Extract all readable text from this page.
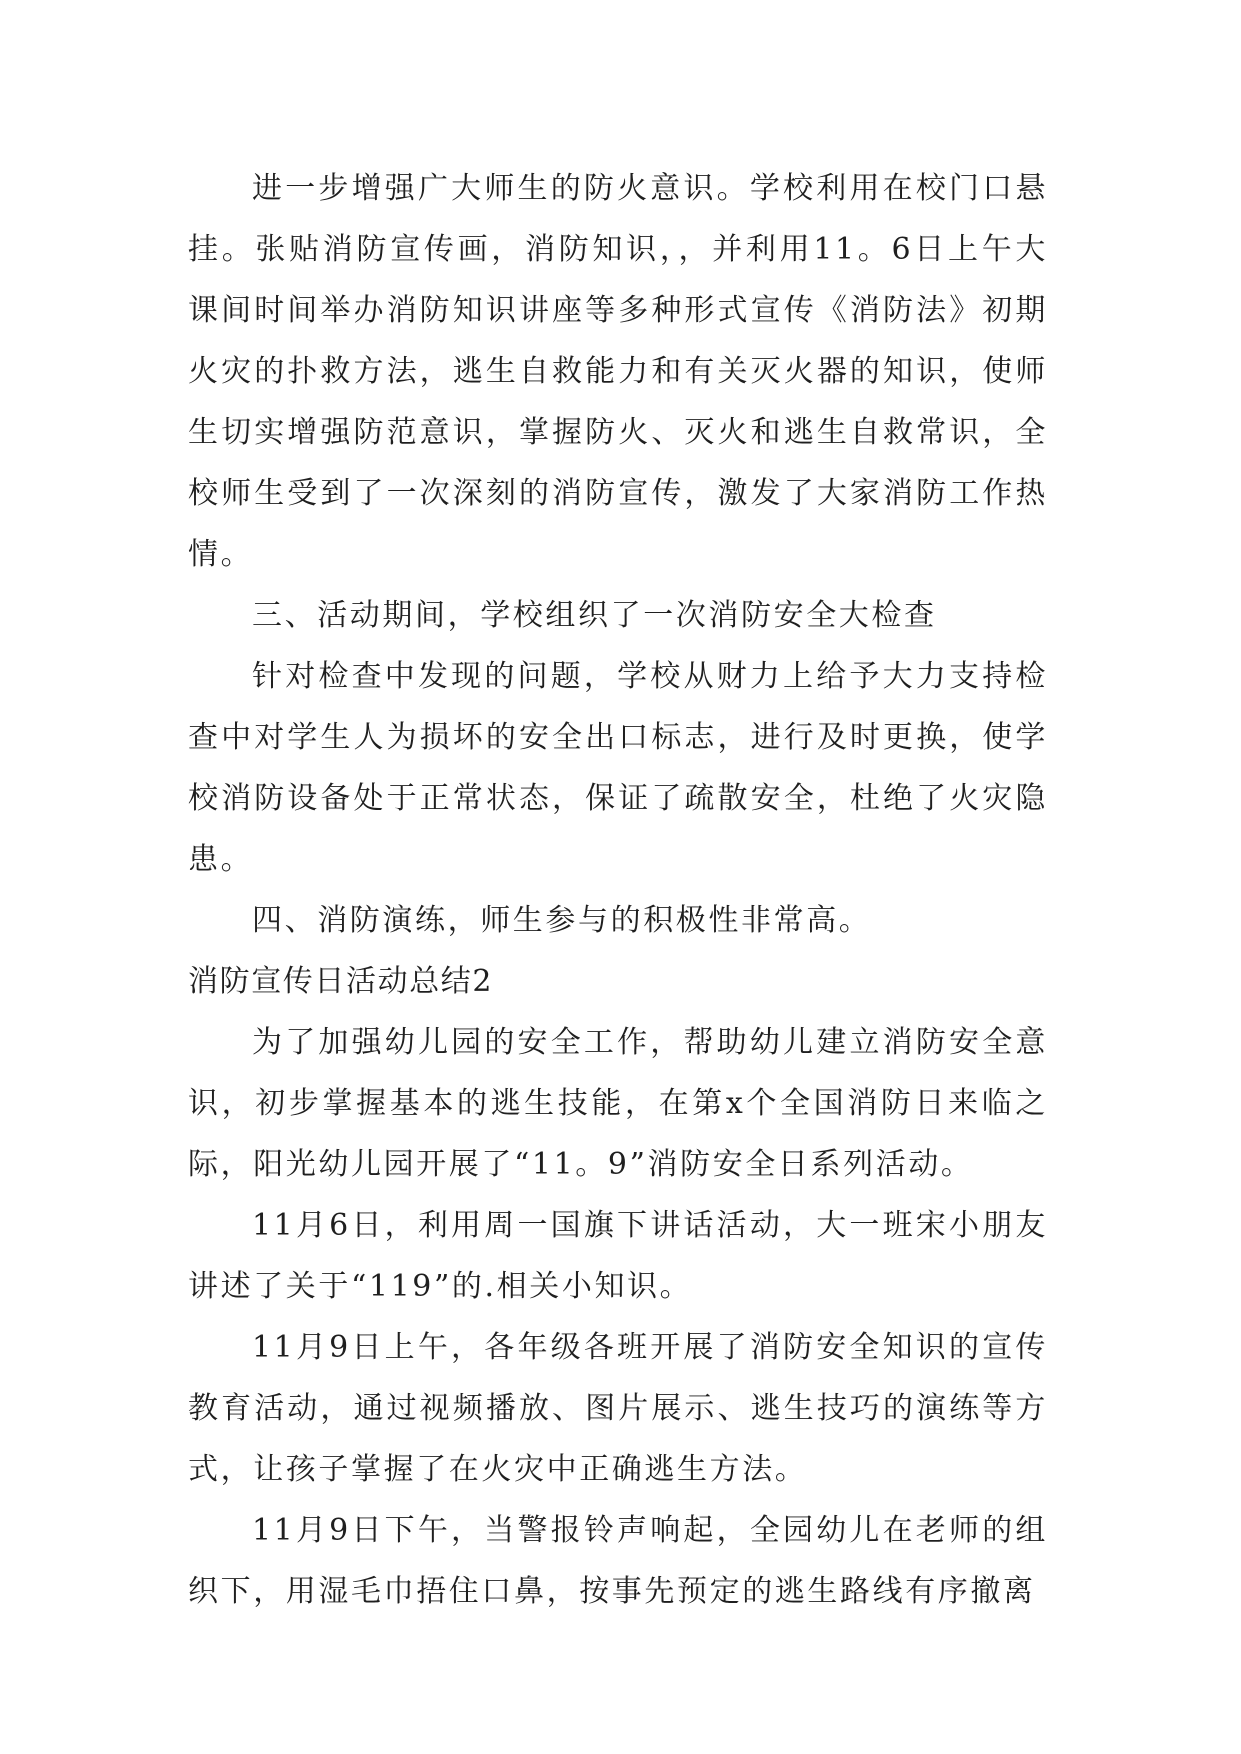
进一步增强广大师生的防火意识。学校利用在校门口悬挂。张贴消防宣传画，消防知识，，并利用11。6日上午大课间时间举办消防知识讲座等多种形式宣传《消防法》初期火灾的扑救方法，逃生自救能力和有关灭火器的知识，使师生切实增强防范意识，掌握防火、灭火和逃生自救常识，全校师生受到了一次深刻的消防宣传，激发了大家消防工作热情。

三、活动期间，学校组织了一次消防安全大检查

针对检查中发现的问题，学校从财力上给予大力支持检查中对学生人为损坏的安全出口标志，进行及时更换，使学校消防设备处于正常状态，保证了疏散安全，杜绝了火灾隐患。

四、消防演练，师生参与的积极性非常高。

消防宣传日活动总结2

为了加强幼儿园的安全工作，帮助幼儿建立消防安全意识，初步掌握基本的逃生技能，在第x个全国消防日来临之际，阳光幼儿园开展了“11。9”消防安全日系列活动。

11月6日，利用周一国旗下讲话活动，大一班宋小朋友讲述了关于“119”的.相关小知识。

11月9日上午，各年级各班开展了消防安全知识的宣传教育活动，通过视频播放、图片展示、逃生技巧的演练等方式，让孩子掌握了在火灾中正确逃生方法。

11月9日下午，当警报铃声响起，全园幼儿在老师的组织下，用湿毛巾捂住口鼻，按事先预定的逃生路线有序撤离
